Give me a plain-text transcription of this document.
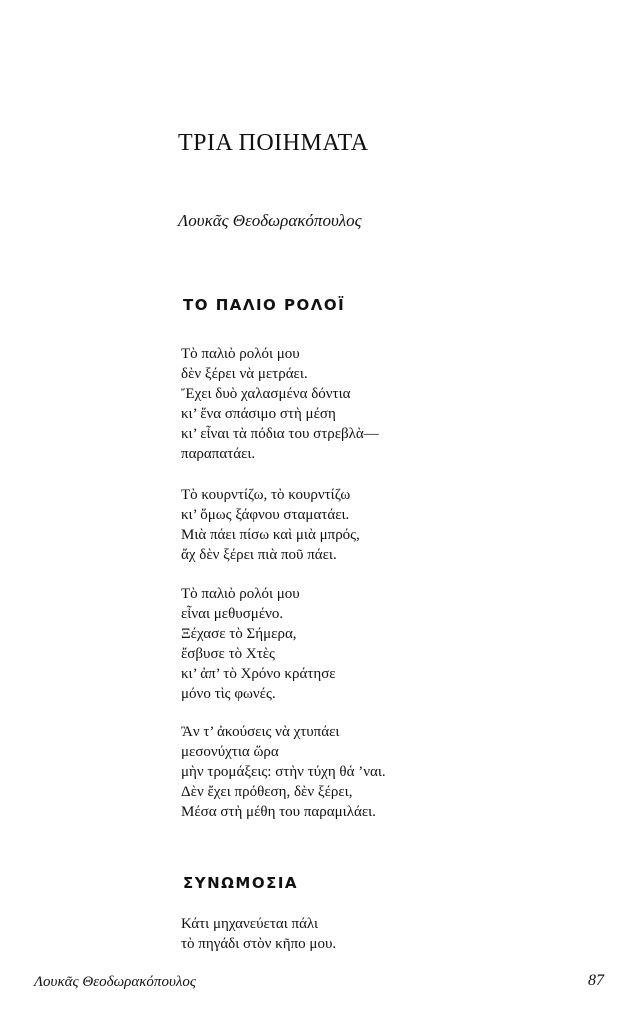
ΤΡΙΑ ΠΟΙΗΜΑΤΑ
Λουκᾶς Θεοδωρακόπουλος
ΤΟ ΠΑΛΙΟ ΡΟΛΟΪ
Τὸ παλιὸ ρολόι μου
δὲν ξέρει νὰ μετράει.
Ἔχει δυὸ χαλασμένα δόντια
κι’ ἕνα σπάσιμο στὴ μέση
κι’ εἶναι τὰ πόδια του στρεβλὰ—
παραπατάει.
Τὸ κουρντίζω, τὸ κουρντίζω
κι’ ὅμως ξάφνου σταματάει.
Μιὰ πάει πίσω καὶ μιὰ μπρός,
ἄχ δὲν ξέρει πιὰ ποῦ πάει.
Τὸ παλιὸ ρολόι μου
εἶναι μεθυσμένο.
Ξέχασε τὸ Σήμερα,
ἔσβυσε τὸ Χτὲς
κι’ ἀπ’ τὸ Χρόνο κράτησε
μόνο τὶς φωνές.
Ἂν τ’ ἀκούσεις νὰ χτυπάει
μεσονύχτια ὥρα
μὴν τρομάξεις: στὴν τύχη θά ’ναι.
Δὲν ἔχει πρόθεση, δὲν ξέρει,
Μέσα στὴ μέθη του παραμιλάει.
ΣΥΝΩΜΟΣΙΑ
Κάτι μηχανεύεται πάλι
τὸ πηγάδι στὸν κῆπο μου.
Λουκᾶς Θεοδωρακόπουλος	87
